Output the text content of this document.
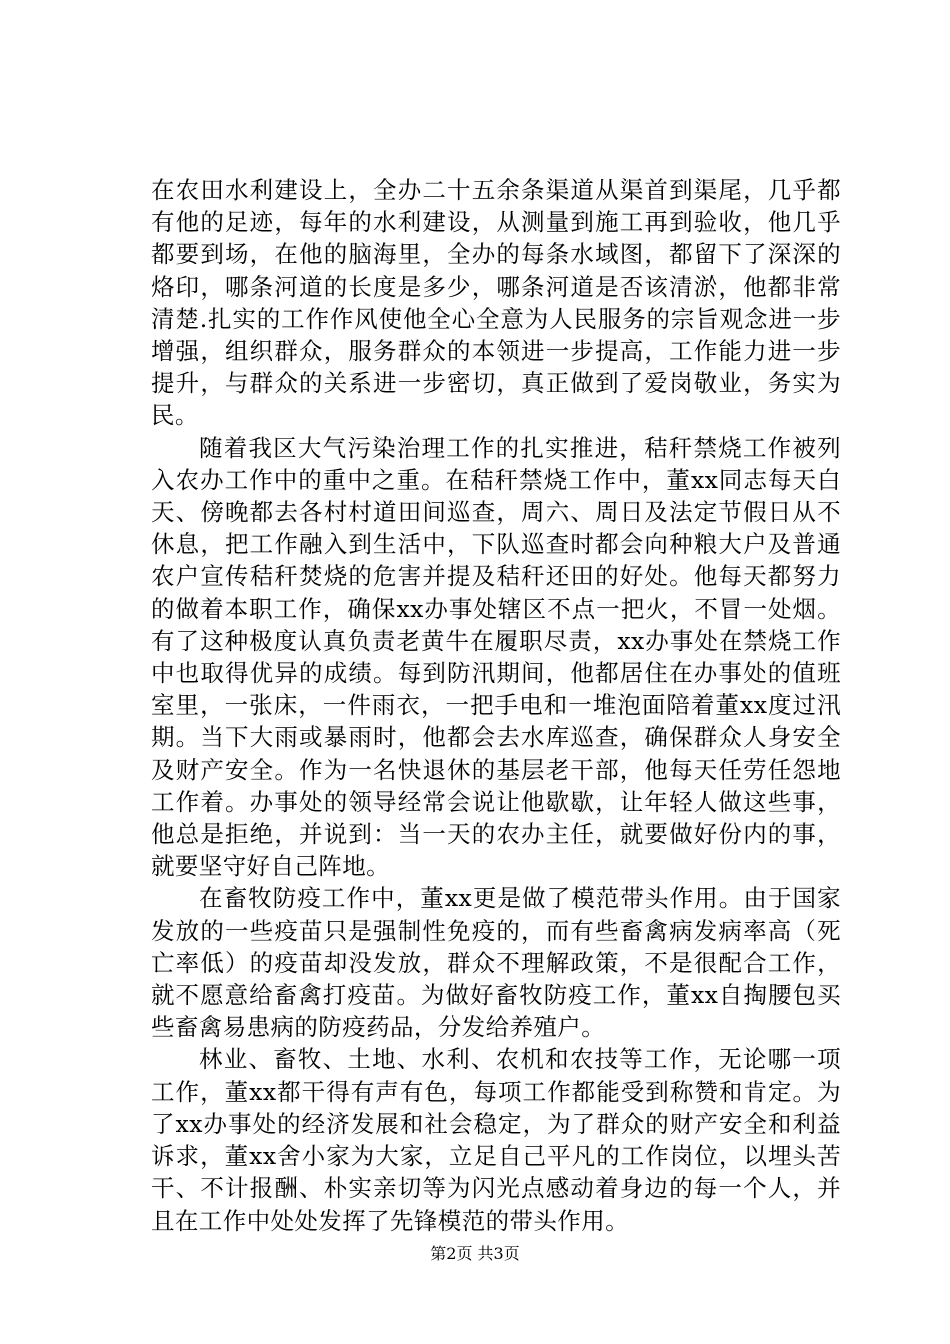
在农田水利建设上，全办二十五余条渠道从渠首到渠尾，几乎都有他的足迹，每年的水利建设，从测量到施工再到验收，他几乎都要到场，在他的脑海里，全办的每条水域图，都留下了深深的烙印，哪条河道的长度是多少，哪条河道是否该清淤，他都非常清楚.扎实的工作作风使他全心全意为人民服务的宗旨观念进一步增强，组织群众，服务群众的本领进一步提高，工作能力进一步提升，与群众的关系进一步密切，真正做到了爱岗敬业，务实为民。

随着我区大气污染治理工作的扎实推进，秸秆禁烧工作被列入农办工作中的重中之重。在秸秆禁烧工作中，董xx同志每天白天、傍晚都去各村村道田间巡查，周六、周日及法定节假日从不休息，把工作融入到生活中，下队巡查时都会向种粮大户及普通农户宣传秸秆焚烧的危害并提及秸秆还田的好处。他每天都努力的做着本职工作，确保xx办事处辖区不点一把火，不冒一处烟。有了这种极度认真负责老黄牛在履职尽责，xx办事处在禁烧工作中也取得优异的成绩。每到防汛期间，他都居住在办事处的值班室里，一张床，一件雨衣，一把手电和一堆泡面陪着董xx度过汛期。当下大雨或暴雨时，他都会去水库巡查，确保群众人身安全及财产安全。作为一名快退休的基层老干部，他每天任劳任怨地工作着。办事处的领导经常会说让他歇歇，让年轻人做这些事，他总是拒绝，并说到：当一天的农办主任，就要做好份内的事，就要坚守好自己阵地。

在畜牧防疫工作中，董xx更是做了模范带头作用。由于国家发放的一些疫苗只是强制性免疫的，而有些畜禽病发病率高（死亡率低）的疫苗却没发放，群众不理解政策，不是很配合工作，就不愿意给畜禽打疫苗。为做好畜牧防疫工作，董xx自掏腰包买些畜禽易患病的防疫药品，分发给养殖户。

林业、畜牧、土地、水利、农机和农技等工作，无论哪一项工作，董xx都干得有声有色，每项工作都能受到称赞和肯定。为了xx办事处的经济发展和社会稳定，为了群众的财产安全和利益诉求，董xx舍小家为大家，立足自己平凡的工作岗位，以埋头苦干、不计报酬、朴实亲切等为闪光点感动着身边的每一个人，并且在工作中处处发挥了先锋模范的带头作用。

第2页 共3页
